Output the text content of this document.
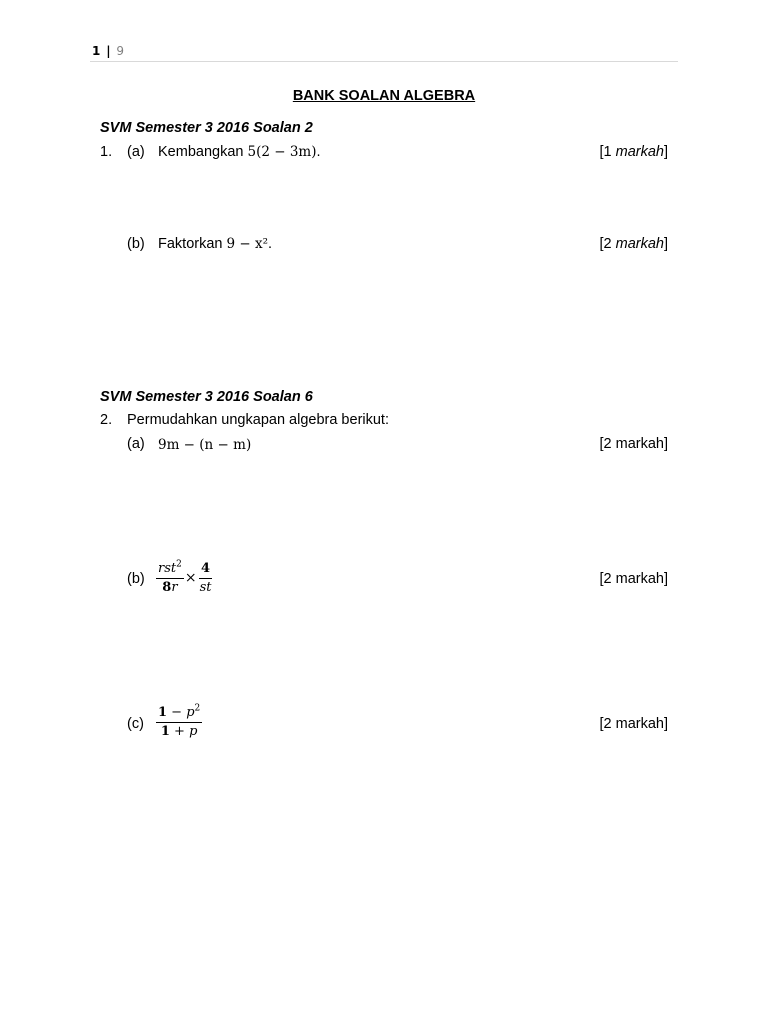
1 | 9
BANK SOALAN ALGEBRA
SVM Semester 3 2016 Soalan 2
1. (a) Kembangkan 5(2 − 3m).	[1 markah]
(b) Faktorkan 9 − x².	[2 markah]
SVM Semester 3 2016 Soalan 6
2. Permudahkan ungkapan algebra berikut:
(a) 9m − (n − m)	[2 markah]
$(b) \frac{rst^2}{8r} \times \frac{4}{st}$	[2 markah]
$(c) \frac{1 - p^2}{1 + p}$	[2 markah]
